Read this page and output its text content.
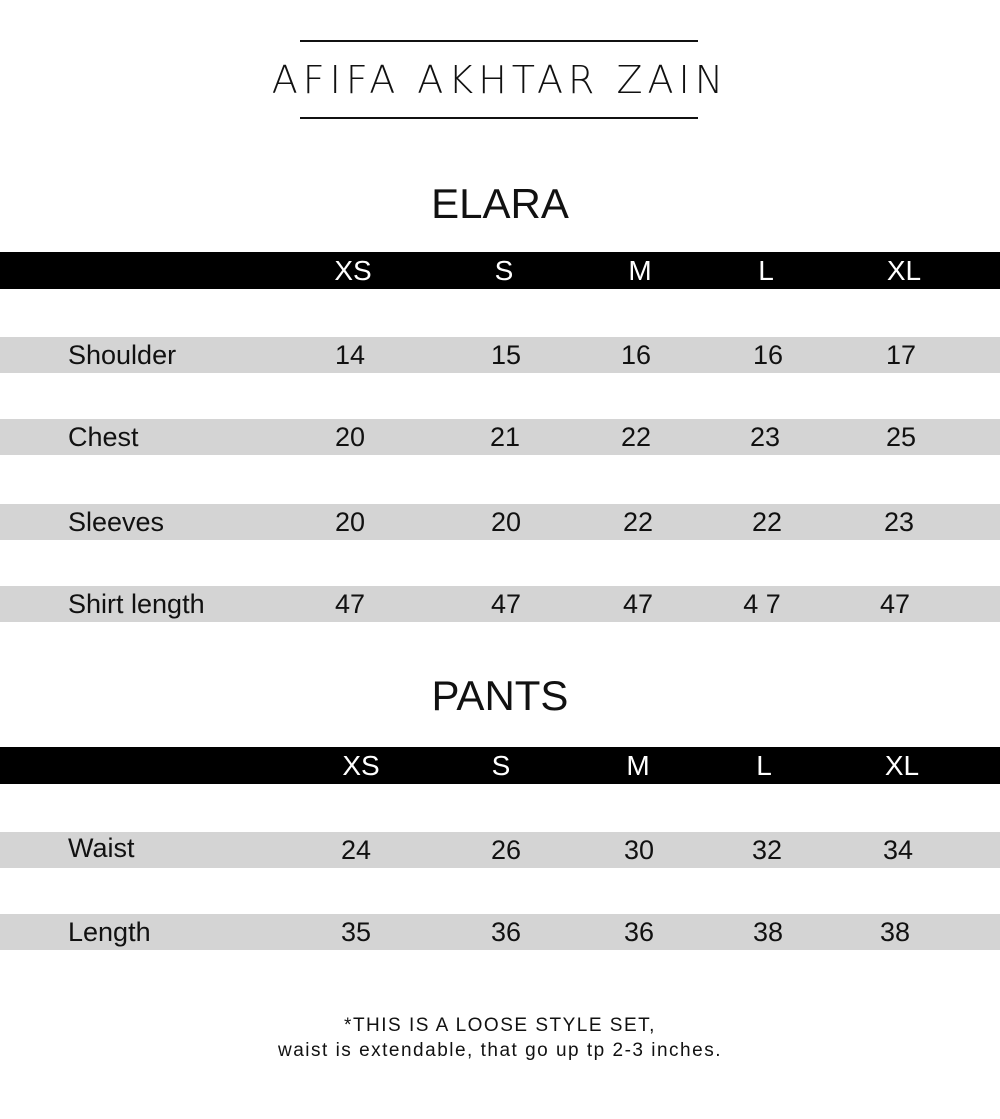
AFIFA AKHTAR ZAIN
ELARA
XS	S	M	L	XL
Shoulder	14	15	16	16	17
Chest	20	21	22	23	25
Sleeves	20	20	22	22	23
Shirt length	47	47	47	4 7	47
PANTS
XS	S	M	L	XL
Waist	24	26	30	32	34
Length	35	36	36	38	38
*THIS IS A LOOSE STYLE SET,
waist is extendable, that go up tp 2-3 inches.
